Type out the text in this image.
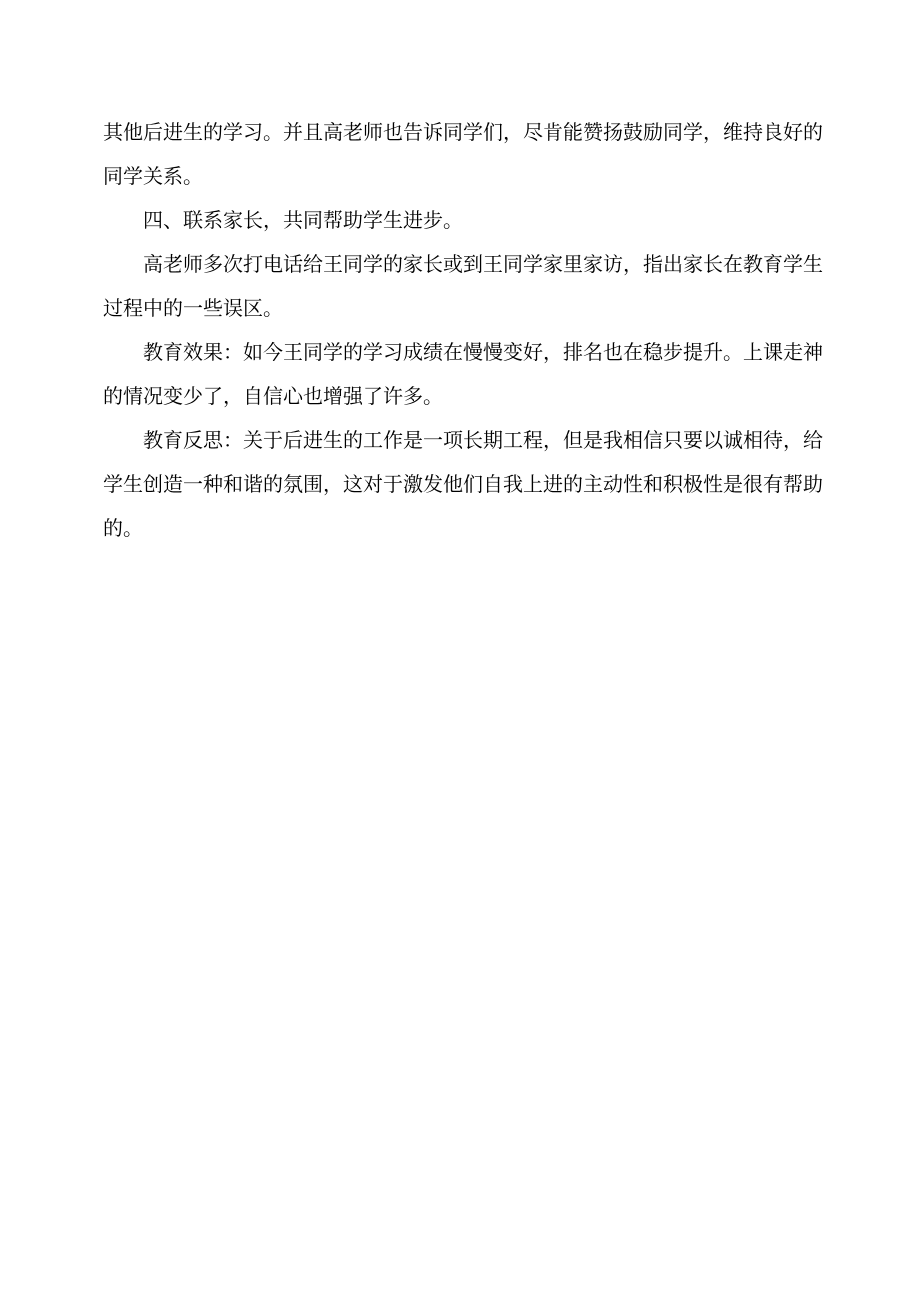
其他后进生的学习。并且高老师也告诉同学们，尽肯能赞扬鼓励同学，维持良好的同学关系。

四、联系家长，共同帮助学生进步。

高老师多次打电话给王同学的家长或到王同学家里家访，指出家长在教育学生过程中的一些误区。

教育效果：如今王同学的学习成绩在慢慢变好，排名也在稳步提升。上课走神的情况变少了，自信心也增强了许多。

教育反思：关于后进生的工作是一项长期工程，但是我相信只要以诚相待，给学生创造一种和谐的氛围，这对于激发他们自我上进的主动性和积极性是很有帮助的。
